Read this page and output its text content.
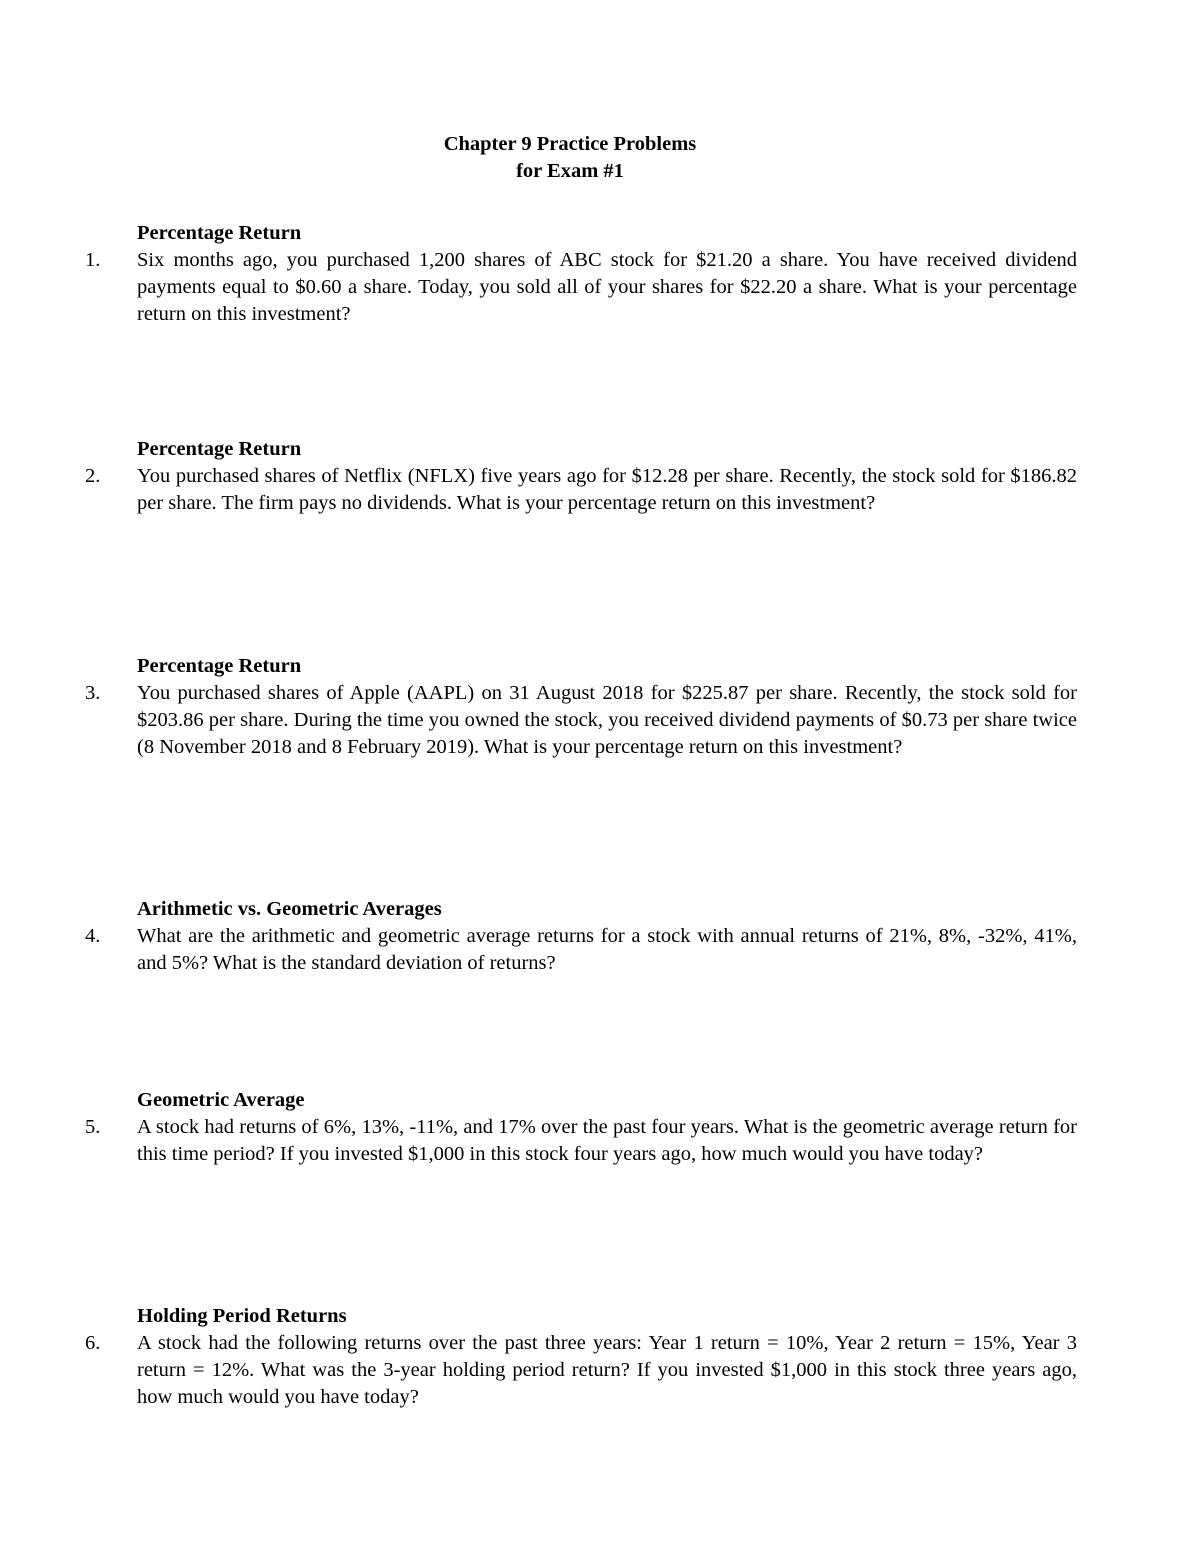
Chapter 9 Practice Problems
for Exam #1
Percentage Return
1. Six months ago, you purchased 1,200 shares of ABC stock for $21.20 a share. You have received dividend payments equal to $0.60 a share. Today, you sold all of your shares for $22.20 a share. What is your percentage return on this investment?

Percentage Return
2. You purchased shares of Netflix (NFLX) five years ago for $12.28 per share. Recently, the stock sold for $186.82 per share. The firm pays no dividends. What is your percentage return on this investment?

Percentage Return
3. You purchased shares of Apple (AAPL) on 31 August 2018 for $225.87 per share. Recently, the stock sold for $203.86 per share. During the time you owned the stock, you received dividend payments of $0.73 per share twice (8 November 2018 and 8 February 2019). What is your percentage return on this investment?

Arithmetic vs. Geometric Averages
4. What are the arithmetic and geometric average returns for a stock with annual returns of 21%, 8%, -32%, 41%, and 5%? What is the standard deviation of returns?

Geometric Average
5. A stock had returns of 6%, 13%, -11%, and 17% over the past four years. What is the geometric average return for this time period? If you invested $1,000 in this stock four years ago, how much would you have today?

Holding Period Returns
6. A stock had the following returns over the past three years: Year 1 return = 10%, Year 2 return = 15%, Year 3 return = 12%. What was the 3-year holding period return? If you invested $1,000 in this stock three years ago, how much would you have today?
